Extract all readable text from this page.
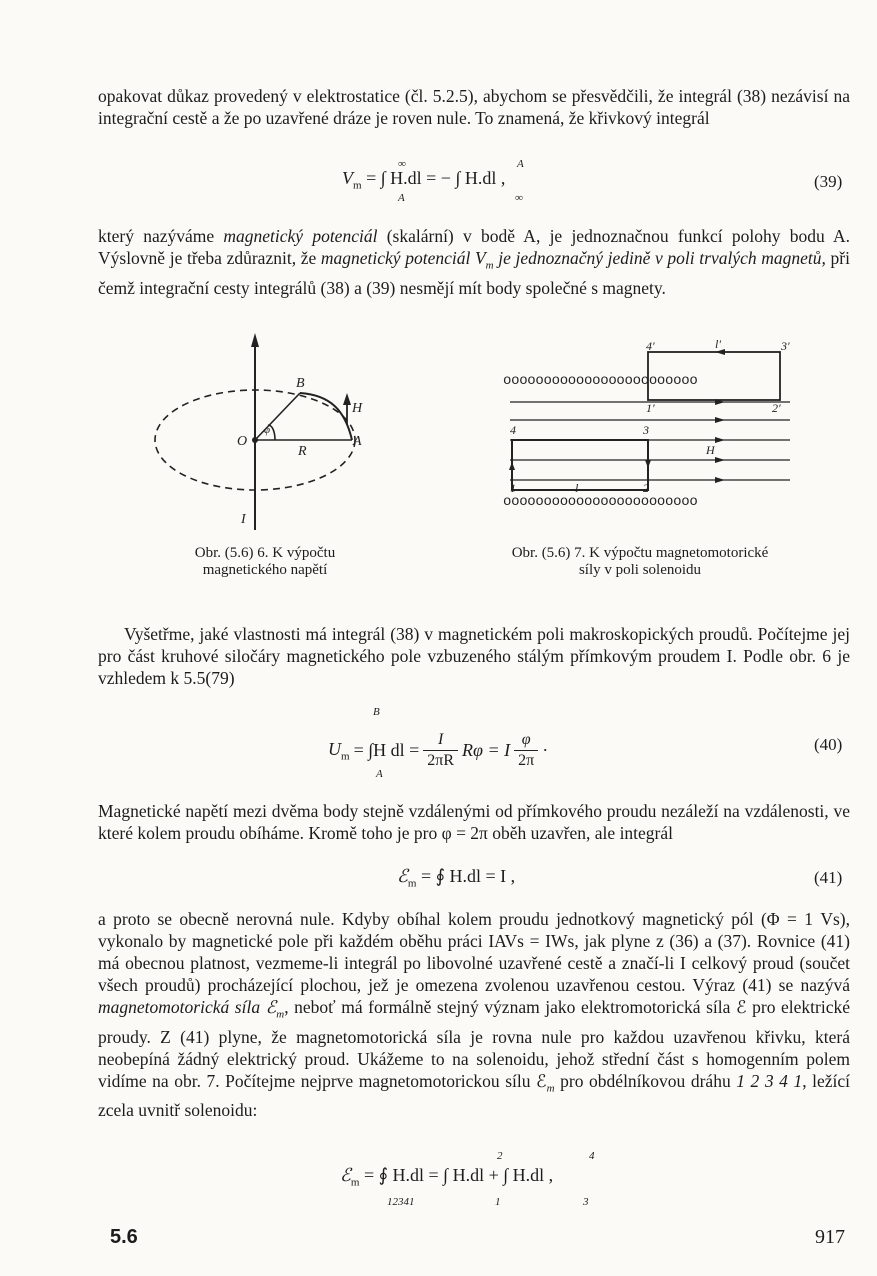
opakovat důkaz provedený v elektrostatice (čl. 5.2.5), abychom se přesvědčili, že integrál (38) nezávisí na integrační cestě a že po uzavřené dráze je roven nule. To znamená, že křivkový integrál

$V_m$ = ∫ H.dl = − ∫ H.dl ,
∞
A
A
∞
(39)

který nazýváme magnetický potenciál (skalární) v bodě A, je jednoznačnou funkcí polohy bodu A. Výslovně je třeba zdůraznit, že magnetický potenciál $V_m$ je jednoznačný jedině v poli trvalých magnetů, při čemž integrační cesty integrálů (38) a (39) nesmějí mít body společné s magnety.

B
H
O	A
R
I
φ
Obr. (5.6) 6. K výpočtu
magnetického napětí
oooooooooooooooooooooooo
oooooooooooooooooooooooo
4'	l'	3'
1'	2'
4	3
H
1	l	2
Obr. (5.6) 7. K výpočtu magnetomotorické
síly v poli solenoidu

Vyšetřme, jaké vlastnosti má integrál (38) v magnetickém poli makroskopických proudů. Počítejme jej pro část kruhové siločáry magnetického pole vzbuzeného stálým přímkovým proudem I. Podle obr. 6 je vzhledem k 5.5(79)

$U_m = \int H$ dl = $\frac{I}{2\pi R}$ Rφ = I $\frac{\varphi}{2\pi}$ ·
B
A
(40)

Magnetické napětí mezi dvěma body stejně vzdálenými od přímkového proudu nezáleží na vzdálenosti, ve které kolem proudu obíháme. Kromě toho je pro φ = 2π oběh uzavřen, ale integrál

ℰ$_m$ = ∮ H.dl = I ,	(41)

a proto se obecně nerovná nule. Kdyby obíhal kolem proudu jednotkový magnetický pól (Φ = 1 Vs), vykonalo by magnetické pole při každém oběhu práci IAVs = IWs, jak plyne z (36) a (37). Rovnice (41) má obecnou platnost, vezmeme-li integrál po libovolné uzavřené cestě a značí-li I celkový proud (součet všech proudů) procházející plochou, jež je omezena zvolenou uzavřenou cestou. Výraz (41) se nazývá magnetomotorická síla ℰ$_m$, neboť má formálně stejný význam jako elektromotorická síla ℰ pro elektrické proudy. Z (41) plyne, že magnetomotorická síla je rovna nule pro každou uzavřenou křivku, která neobepíná žádný elektrický proud. Ukážeme to na solenoidu, jehož střední část s homogenním polem vidíme na obr. 7. Počítejme nejprve magnetomotorickou sílu ℰ$_m$ pro obdélníkovou dráhu 1 2 3 4 1, ležící zcela uvnitř solenoidu:

ℰ$_m$ = ∮ H.dl = ∫ H.dl + ∫ H.dl ,
12341
2
1
4
3
5.6	917
